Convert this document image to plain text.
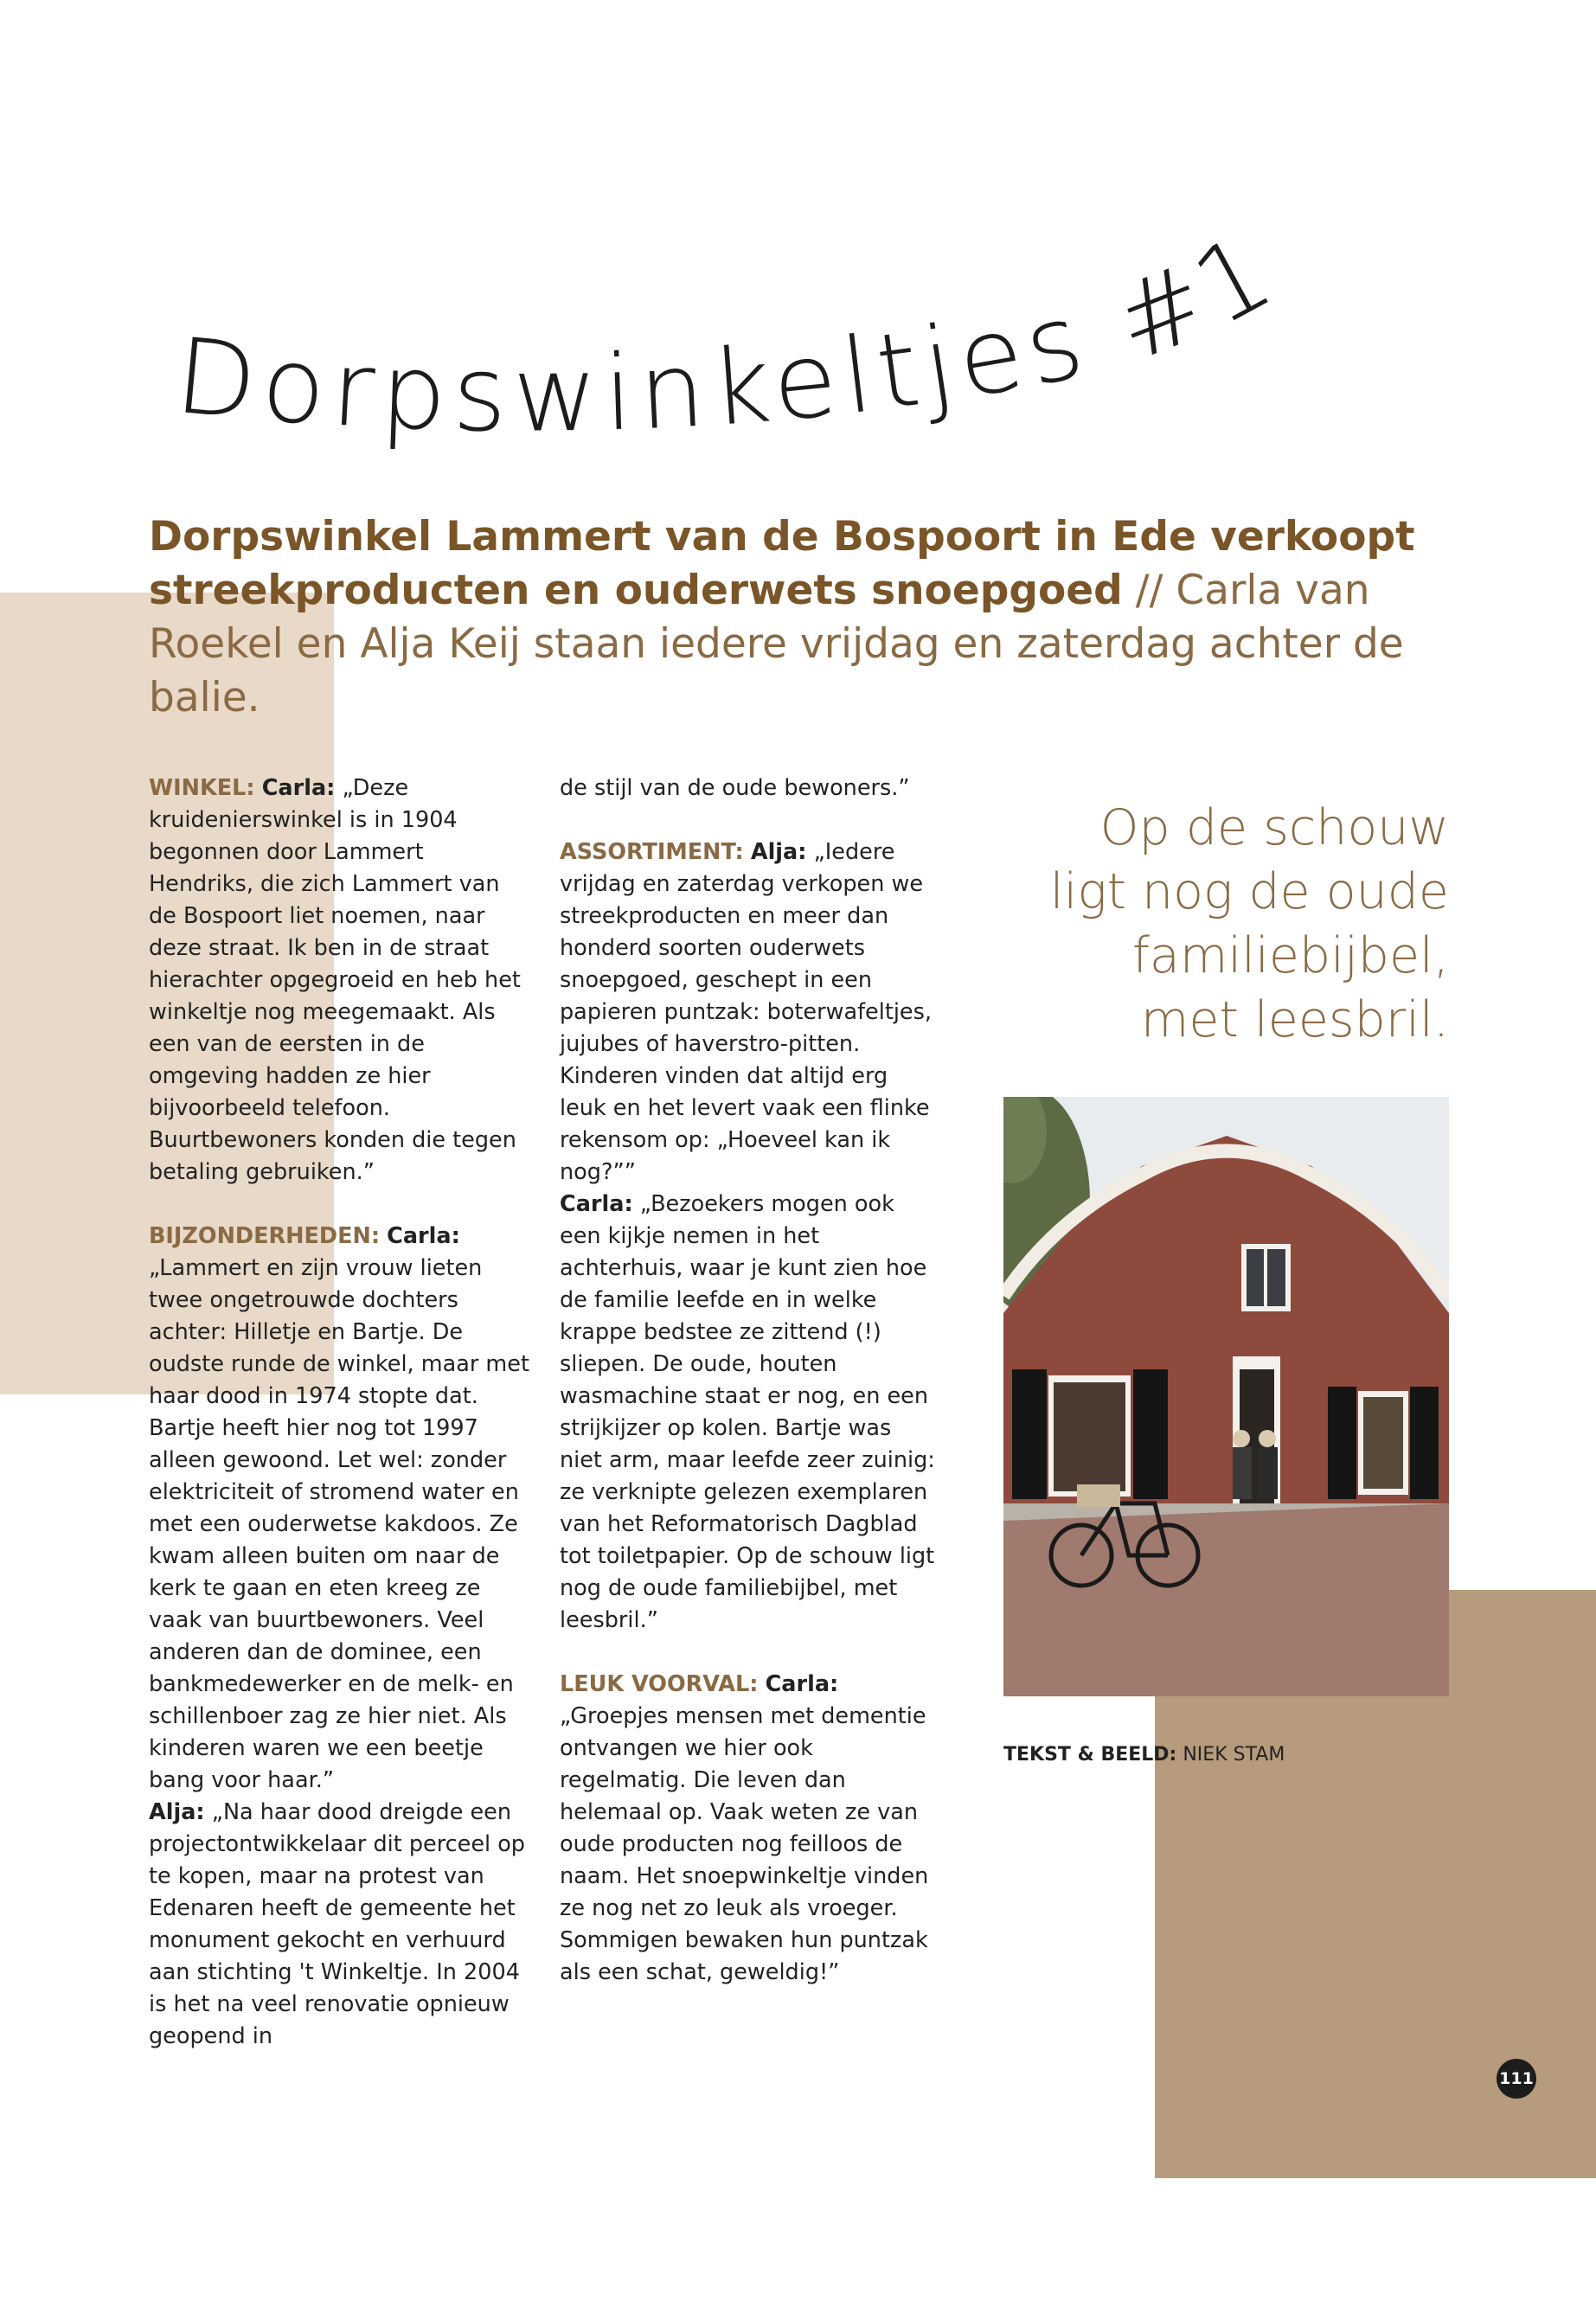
Dorpswinkeltjes #1
Dorpswinkel Lammert van de Bospoort in Ede verkoopt streekproducten en ouderwets snoepgoed // Carla van Roekel en Alja Keij staan iedere vrijdag en zaterdag achter de balie.

WINKEL: Carla: „Deze kruidenierswinkel is in 1904 begonnen door Lammert Hendriks, die zich Lammert van de Bospoort liet noemen, naar deze straat. Ik ben in de straat hierachter opgegroeid en heb het winkeltje nog meegemaakt. Als een van de eersten in de omgeving hadden ze hier bijvoorbeeld telefoon. Buurtbewoners konden die tegen betaling gebruiken.”

BIJZONDERHEDEN: Carla: „Lammert en zijn vrouw lieten twee ongetrouwde dochters achter: Hilletje en Bartje. De oudste runde de winkel, maar met haar dood in 1974 stopte dat. Bartje heeft hier nog tot 1997 alleen gewoond. Let wel: zonder elektriciteit of stromend water en met een ouderwetse kakdoos. Ze kwam alleen buiten om naar de kerk te gaan en eten kreeg ze vaak van buurtbewoners. Veel anderen dan de dominee, een bankmedewerker en de melk- en schillenboer zag ze hier niet. Als kinderen waren we een beetje bang voor haar.”
Alja: „Na haar dood dreigde een projectontwikkelaar dit perceel op te kopen, maar na protest van Edenaren heeft de gemeente het monument gekocht en verhuurd aan stichting 't Winkeltje. In 2004 is het na veel renovatie opnieuw geopend in

de stijl van de oude bewoners.”

ASSORTIMENT: Alja: „Iedere vrijdag en zaterdag verkopen we streekproducten en meer dan honderd soorten ouderwets snoepgoed, geschept in een papieren puntzak: boterwafeltjes, jujubes of haverstro-pitten. Kinderen vinden dat altijd erg leuk en het levert vaak een flinke rekensom op: „Hoeveel kan ik nog?””
Carla: „Bezoekers mogen ook een kijkje nemen in het achterhuis, waar je kunt zien hoe de familie leefde en in welke krappe bedstee ze zittend (!) sliepen. De oude, houten wasmachine staat er nog, en een strijkijzer op kolen. Bartje was niet arm, maar leefde zeer zuinig: ze verknipte gelezen exemplaren van het Reformatorisch Dagblad tot toiletpapier. Op de schouw ligt nog de oude familiebijbel, met leesbril.”

LEUK VOORVAL: Carla:
„Groepjes mensen met dementie ontvangen we hier ook regelmatig. Die leven dan helemaal op. Vaak weten ze van oude producten nog feilloos de naam. Het snoepwinkeltje vinden ze nog net zo leuk als vroeger. Sommigen bewaken hun puntzak als een schat, geweldig!”

Op de schouw ligt nog de oude familiebijbel, met leesbril.
TEKST & BEELD: NIEK STAM
111
